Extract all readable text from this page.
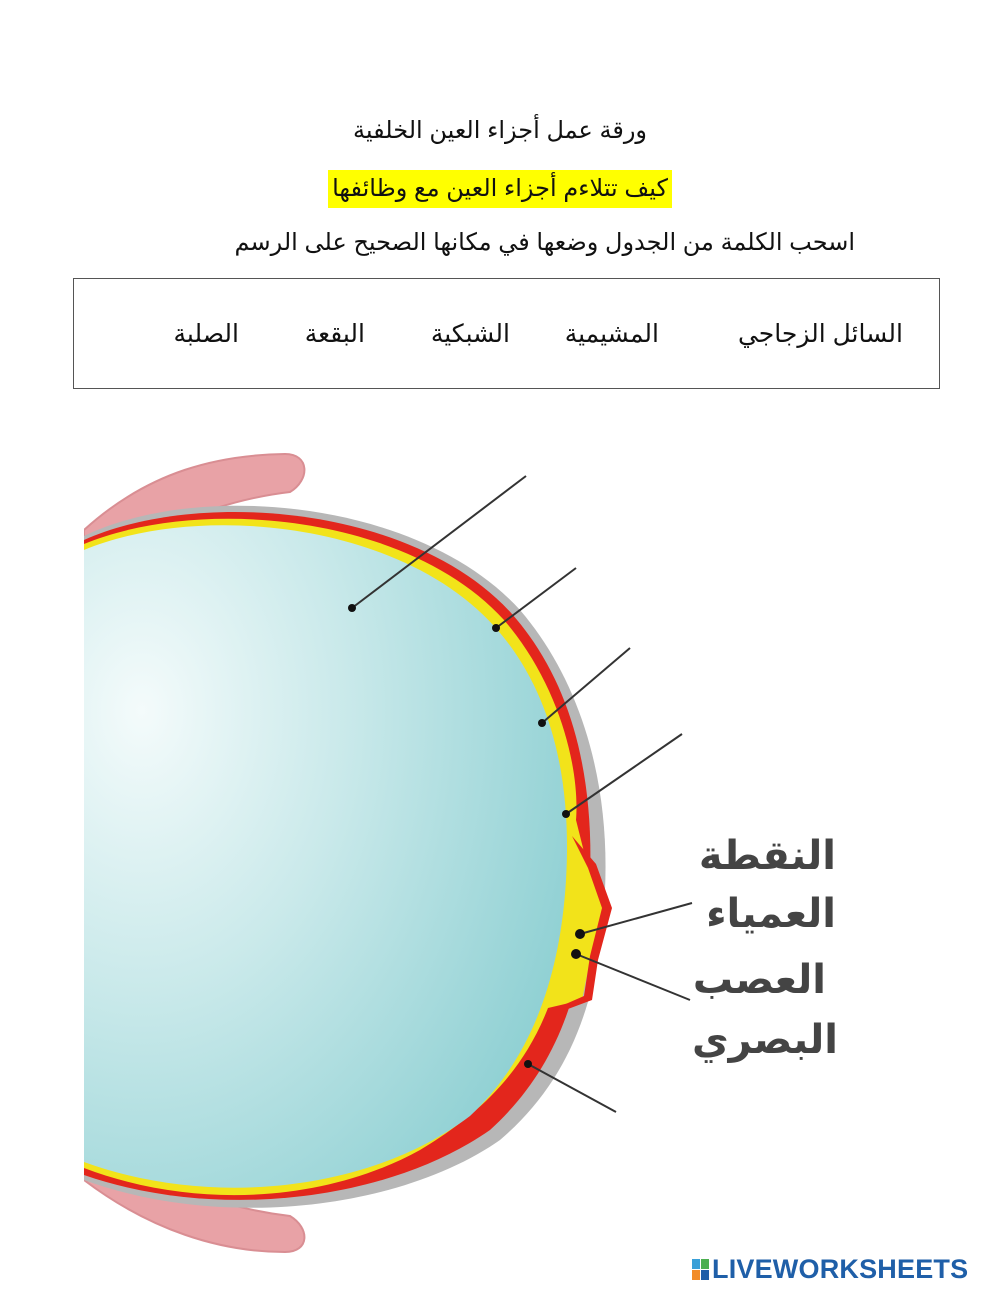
ورقة عمل أجزاء العين الخلفية
كيف تتلاءم أجزاء العين مع وظائفها
اسحب الكلمة من الجدول وضعها في مكانها الصحيح على الرسم
السائل الزجاجي
المشيمية
الشبكية
البقعة
الصلبة
النقطة
العمياء
العصب
البصري
LIVEWORKSHEETS
